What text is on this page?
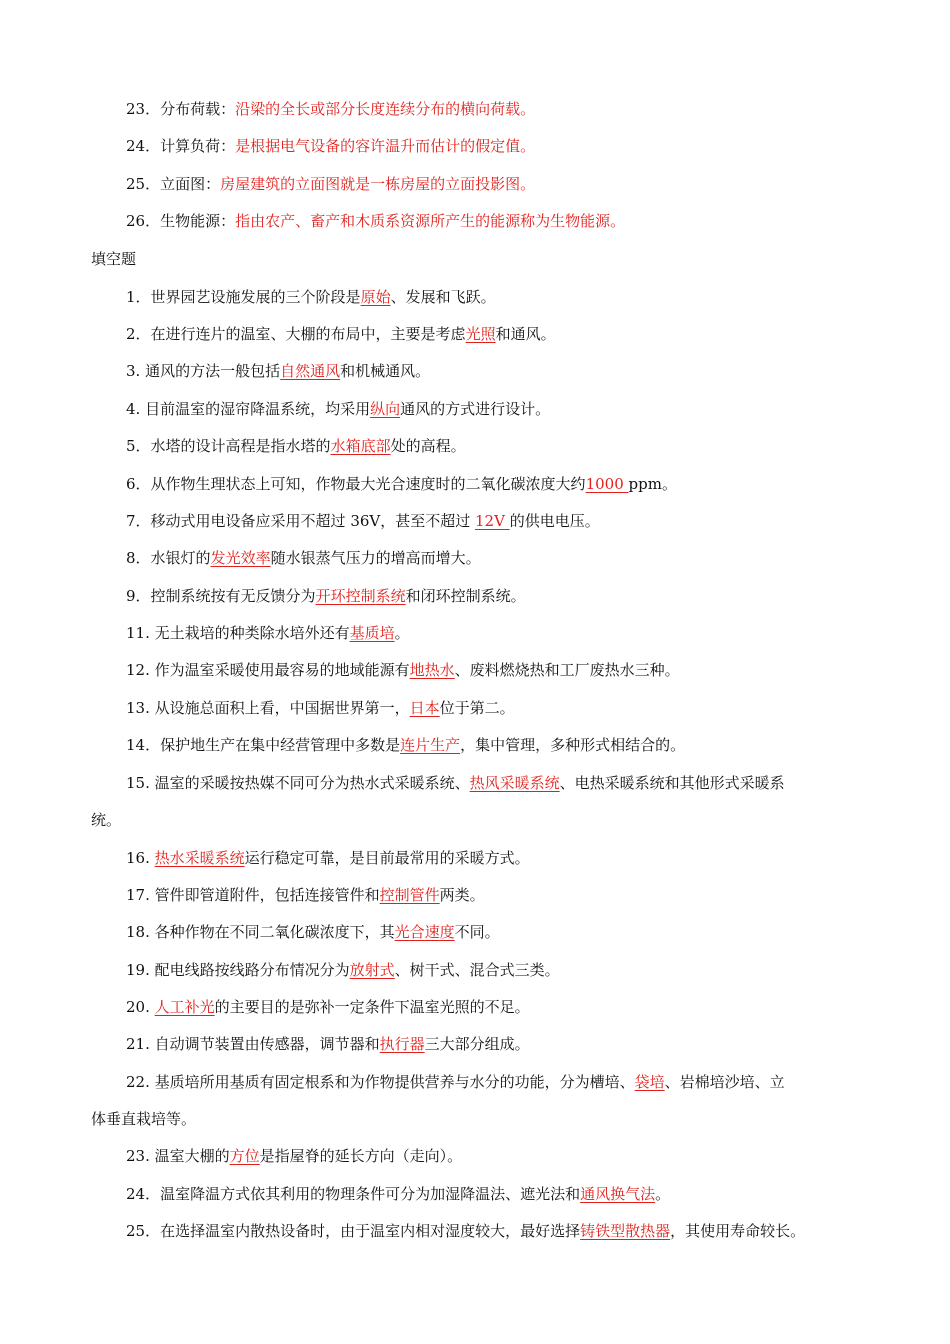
23．分布荷载：沿梁的全长或部分长度连续分布的横向荷载。
24．计算负荷：是根据电气设备的容许温升而估计的假定值。
25．立面图：房屋建筑的立面图就是一栋房屋的立面投影图。
26．生物能源：指由农产、畜产和木质系资源所产生的能源称为生物能源。
填空题
1．世界园艺设施发展的三个阶段是原始、发展和飞跃。
2．在进行连片的温室、大棚的布局中，主要是考虑光照和通风。
3. 通风的方法一般包括自然通风和机械通风。
4. 目前温室的湿帘降温系统，均采用纵向通风的方式进行设计。
5．水塔的设计高程是指水塔的水箱底部处的高程。
6．从作物生理状态上可知，作物最大光合速度时的二氧化碳浓度大约1000 ppm。
7．移动式用电设备应采用不超过 36V，甚至不超过 12V 的供电电压。
8．水银灯的发光效率随水银蒸气压力的增高而增大。
9．控制系统按有无反馈分为开环控制系统和闭环控制系统。
11. 无土栽培的种类除水培外还有基质培。
12. 作为温室采暖使用最容易的地域能源有地热水、废料燃烧热和工厂废热水三种。
13. 从设施总面积上看，中国据世界第一，日本位于第二。
14．保护地生产在集中经营管理中多数是连片生产，集中管理，多种形式相结合的。
15. 温室的采暖按热媒不同可分为热水式采暖系统、热风采暖系统、电热采暖系统和其他形式采暖系
统。
16. 热水采暖系统运行稳定可靠，是目前最常用的采暖方式。
17. 管件即管道附件，包括连接管件和控制管件两类。
18. 各种作物在不同二氧化碳浓度下，其光合速度不同。
19. 配电线路按线路分布情况分为放射式、树干式、混合式三类。
20. 人工补光的主要目的是弥补一定条件下温室光照的不足。
21. 自动调节装置由传感器，调节器和执行器三大部分组成。
22. 基质培所用基质有固定根系和为作物提供营养与水分的功能，分为槽培、袋培、岩棉培沙培、立
体垂直栽培等。
23. 温室大棚的方位是指屋脊的延长方向（走向）。
24．温室降温方式依其利用的物理条件可分为加湿降温法、遮光法和通风换气法。
25．在选择温室内散热设备时，由于温室内相对湿度较大，最好选择铸铁型散热器，其使用寿命较长。
